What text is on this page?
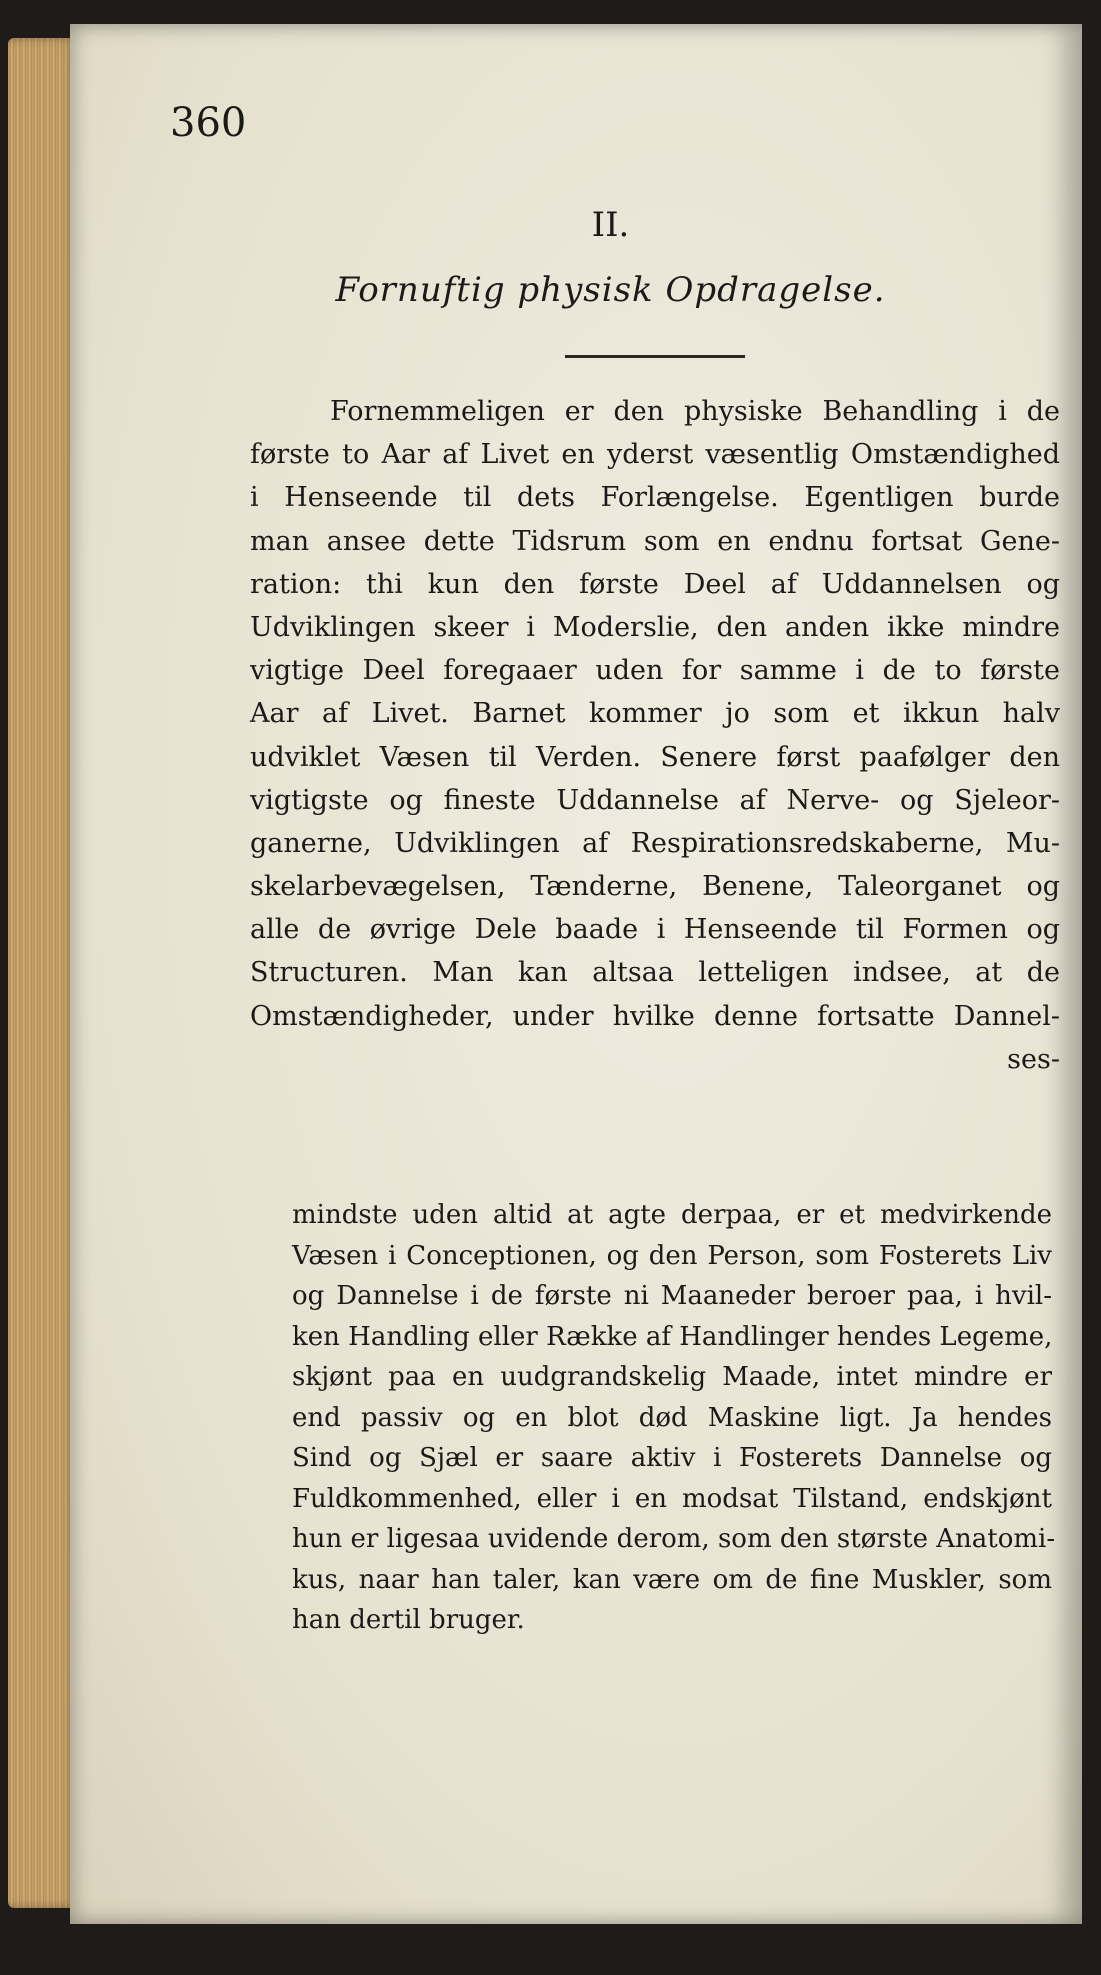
360
II.
Fornuftig physisk Opdragelse.
Fornemmeligen er den physiske Behandling i de
første to Aar af Livet en yderst væsentlig Omstændighed
i Henseende til dets Forlængelse. Egentligen burde
man ansee dette Tidsrum som en endnu fortsat Gene-
ration: thi kun den første Deel af Uddannelsen og
Udviklingen skeer i Moderslie, den anden ikke mindre
vigtige Deel foregaaer uden for samme i de to første
Aar af Livet. Barnet kommer jo som et ikkun halv
udviklet Væsen til Verden. Senere først paafølger den
vigtigste og fineste Uddannelse af Nerve- og Sjeleor-
ganerne, Udviklingen af Respirationsredskaberne, Mu-
skelarbevægelsen, Tænderne, Benene, Taleorganet og
alle de øvrige Dele baade i Henseende til Formen og
Structuren. Man kan altsaa letteligen indsee, at de
Omstændigheder, under hvilke denne fortsatte Dannel-
ses-
mindste uden altid at agte derpaa, er et medvirkende
Væsen i Conceptionen, og den Person, som Fosterets Liv
og Dannelse i de første ni Maaneder beroer paa, i hvil-
ken Handling eller Række af Handlinger hendes Legeme,
skjønt paa en uudgrandskelig Maade, intet mindre er
end passiv og en blot død Maskine ligt. Ja hendes
Sind og Sjæl er saare aktiv i Fosterets Dannelse og
Fuldkommenhed, eller i en modsat Tilstand, endskjønt
hun er ligesaa uvidende derom, som den største Anatomi-
kus, naar han taler, kan være om de fine Muskler, som
han dertil bruger.
